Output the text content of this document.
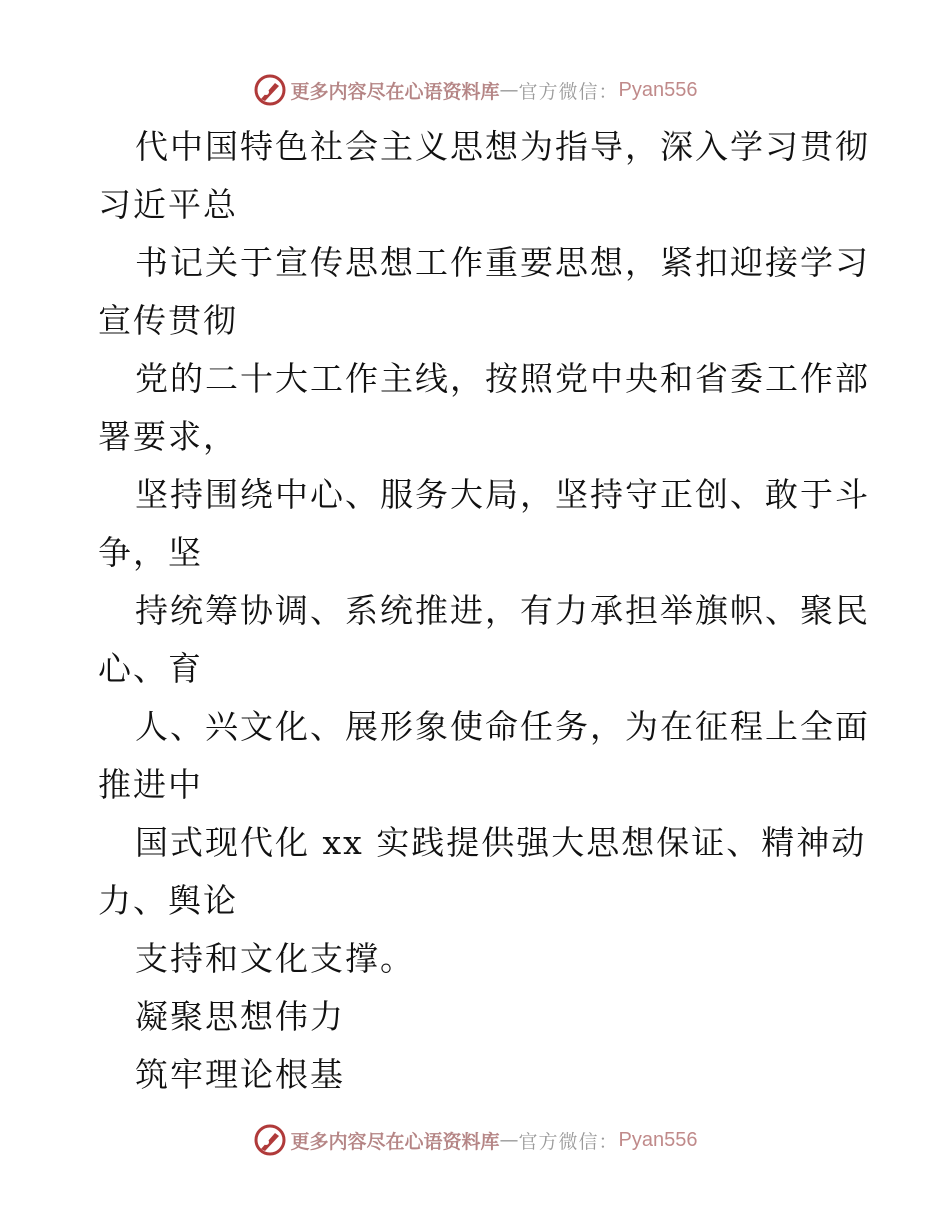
更多内容尽在心语资料库 — 官方微信： Pyan556
代中国特色社会主义思想为指导，深入学习贯彻
习近平总
书记关于宣传思想工作重要思想，紧扣迎接学习
宣传贯彻
党的二十大工作主线，按照党中央和省委工作部
署要求，
坚持围绕中心、服务大局，坚持守正创、敢于斗
争，坚
持统筹协调、系统推进，有力承担举旗帜、聚民
心、育
人、兴文化、展形象使命任务，为在征程上全面
推进中
国式现代化 xx 实践提供强大思想保证、精神动
力、舆论
支持和文化支撑。
凝聚思想伟力
筑牢理论根基
更多内容尽在心语资料库 — 官方微信： Pyan556
